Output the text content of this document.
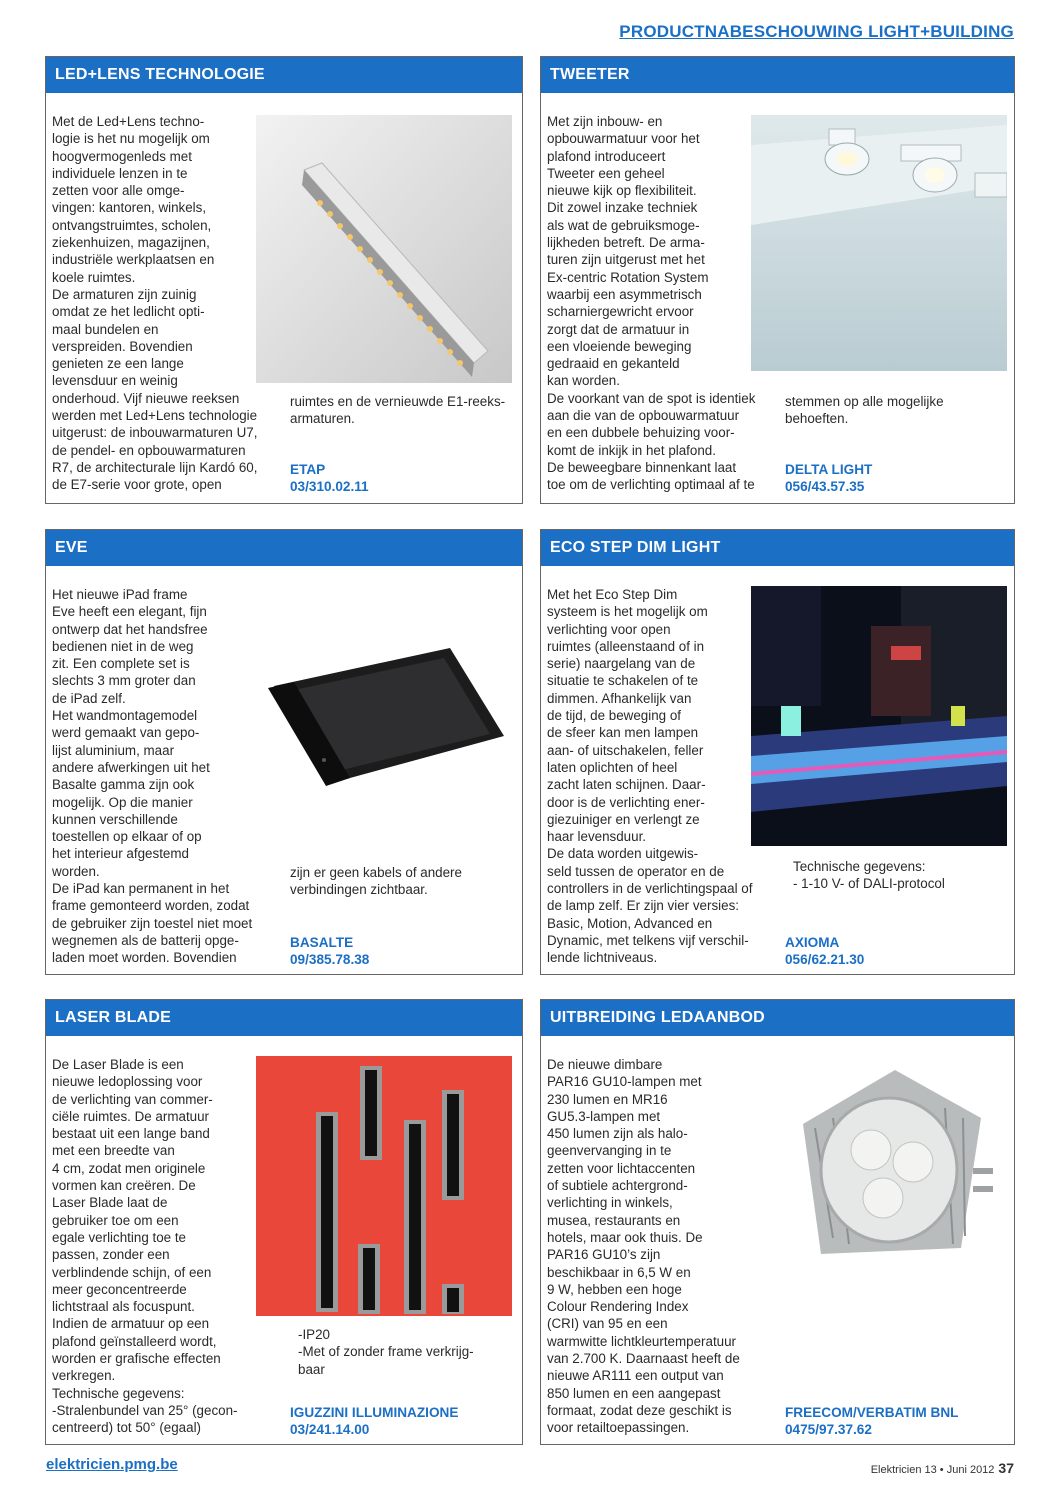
PRODUCTNABESCHOUWING LIGHT+BUILDING
LED+LENS TECHNOLOGIE
Met de Led+Lens techno-
logie is het nu mogelijk om
hoogvermogenleds met
individuele lenzen in te
zetten voor alle omge-
vingen: kantoren, winkels,
ontvangstruimtes, scholen,
ziekenhuizen, magazijnen,
industriële werkplaatsen en
koele ruimtes.
De armaturen zijn zuinig
omdat ze het ledlicht opti-
maal bundelen en
verspreiden. Bovendien
genieten ze een lange
levensduur en weinig
onderhoud. Vijf nieuwe reeksen
werden met Led+Lens technologie
uitgerust: de inbouwarmaturen U7,
de pendel- en opbouwarmaturen
R7, de architecturale lijn Kardó 60,
de E7-serie voor grote, open
ruimtes en de vernieuwde E1-reeks-
armaturen.
ETAP
03/310.02.11
TWEETER
Met zijn inbouw- en
opbouwarmatuur voor het
plafond introduceert
Tweeter een geheel
nieuwe kijk op flexibiliteit.
Dit zowel inzake techniek
als wat de gebruiksmoge-
lijkheden betreft. De arma-
turen zijn uitgerust met het
Ex-centric Rotation System
waarbij een asymmetrisch
scharniergewricht ervoor
zorgt dat de armatuur in
een vloeiende beweging
gedraaid en gekanteld
kan worden.
De voorkant van de spot is identiek
aan die van de opbouwarmatuur
en een dubbele behuizing voor-
komt de inkijk in het plafond.
De beweegbare binnenkant laat
toe om de verlichting optimaal af te
stemmen op alle mogelijke
behoeften.
DELTA LIGHT
056/43.57.35
EVE
Het nieuwe iPad frame
Eve heeft een elegant, fijn
ontwerp dat het handsfree
bedienen niet in de weg
zit. Een complete set is
slechts 3 mm groter dan
de iPad zelf.
Het wandmontagemodel
werd gemaakt van gepo-
lijst aluminium, maar
andere afwerkingen uit het
Basalte gamma zijn ook
mogelijk. Op die manier
kunnen verschillende
toestellen op elkaar of op
het interieur afgestemd
worden.
De iPad kan permanent in het
frame gemonteerd worden, zodat
de gebruiker zijn toestel niet moet
wegnemen als de batterij opge-
laden moet worden. Bovendien
zijn er geen kabels of andere
verbindingen zichtbaar.
BASALTE
09/385.78.38
ECO STEP DIM LIGHT
Met het Eco Step Dim
systeem is het mogelijk om
verlichting voor open
ruimtes (alleenstaand of in
serie) naargelang van de
situatie te schakelen of te
dimmen. Afhankelijk van
de tijd, de beweging of
de sfeer kan men lampen
aan- of uitschakelen, feller
laten oplichten of heel
zacht laten schijnen. Daar-
door is de verlichting ener-
giezuiniger en verlengt ze
haar levensduur.
De data worden uitgewis-
seld tussen de operator en de
controllers in de verlichtingspaal of
de lamp zelf. Er zijn vier versies:
Basic, Motion, Advanced en
Dynamic, met telkens vijf verschil-
lende lichtniveaus.
Technische gegevens:
- 1-10 V- of DALI-protocol
AXIOMA
056/62.21.30
LASER BLADE
De Laser Blade is een
nieuwe ledoplossing voor
de verlichting van commer-
ciële ruimtes. De armatuur
bestaat uit een lange band
met een breedte van
4 cm, zodat men originele
vormen kan creëren. De
Laser Blade laat de
gebruiker toe om een
egale verlichting toe te
passen, zonder een
verblindende schijn, of een
meer geconcentreerde
lichtstraal als focuspunt.
Indien de armatuur op een
plafond geïnstalleerd wordt,
worden er grafische effecten
verkregen.
Technische gegevens:
-Stralenbundel van 25° (gecon-
centreerd) tot 50° (egaal)
-IP20
-Met of zonder frame verkrijg-
baar
IGUZZINI ILLUMINAZIONE
03/241.14.00
UITBREIDING LEDAANBOD
De nieuwe dimbare
PAR16 GU10-lampen met
230 lumen en MR16
GU5.3-lampen met
450 lumen zijn als halo-
geenvervanging in te
zetten voor lichtaccenten
of subtiele achtergrond-
verlichting in winkels,
musea, restaurants en
hotels, maar ook thuis. De
PAR16 GU10’s zijn
beschikbaar in 6,5 W en
9 W, hebben een hoge
Colour Rendering Index
(CRI) van 95 en een
warmwitte lichtkleurtemperatuur
van 2.700 K. Daarnaast heeft de
nieuwe AR111 een output van
850 lumen en een aangepast
formaat, zodat deze geschikt is
voor retailtoepassingen.
FREECOM/VERBATIM BNL
0475/97.37.62
elektricien.pmg.be	Elektricien 13 • Juni 2012 37
